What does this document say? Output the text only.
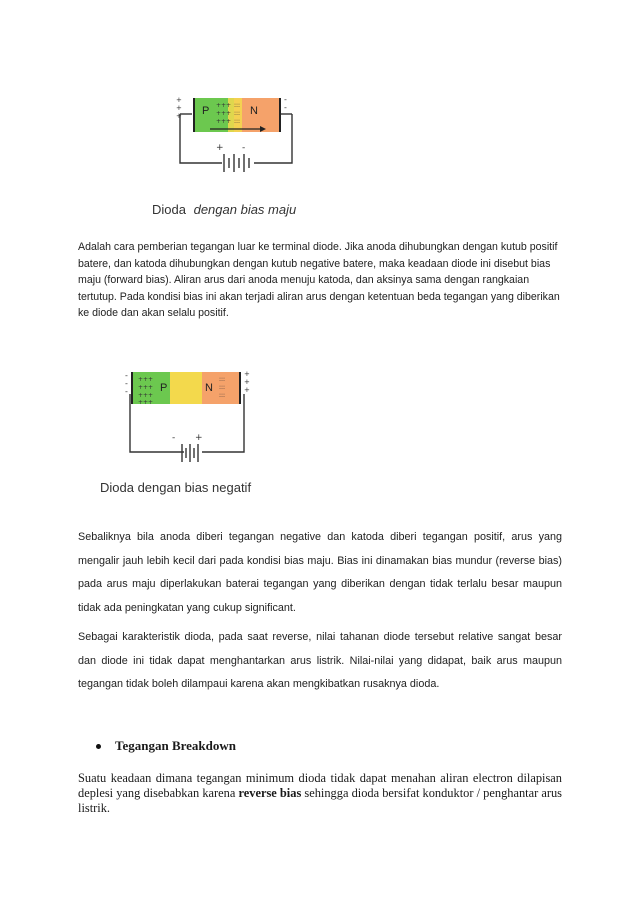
+++
+++
+++
:::
:::
:::
P	N
+
+
+
-
-
+ -
Dioda dengan bias maju
Adalah cara pemberian tegangan luar ke terminal diode. Jika anoda dihubungkan dengan kutub positif batere, dan katoda dihubungkan dengan kutub negative batere, maka keadaan diode ini disebut bias maju (forward bias). Aliran arus dari anoda menuju katoda, dan aksinya sama dengan rangkaian tertutup. Pada kondisi bias ini akan terjadi aliran arus dengan ketentuan beda tegangan yang diberikan ke diode dan akan selalu positif.
+++
+++
+++
+++
:::
:::
:::
P	N
-
-
-
+
+
+
- +
Dioda dengan bias negatif
Sebaliknya bila anoda diberi tegangan negative dan katoda diberi tegangan positif, arus yang mengalir jauh lebih kecil dari pada kondisi bias maju. Bias ini dinamakan bias mundur (reverse bias) pada arus maju diperlakukan baterai tegangan yang diberikan dengan tidak terlalu besar maupun tidak ada peningkatan yang cukup significant.
Sebagai karakteristik dioda, pada saat reverse, nilai tahanan diode tersebut relative sangat besar dan diode ini tidak dapat menghantarkan arus listrik. Nilai-nilai yang didapat, baik arus maupun tegangan tidak boleh dilampaui karena akan mengkibatkan rusaknya dioda.
Tegangan Breakdown
Suatu keadaan dimana tegangan minimum dioda tidak dapat menahan aliran electron dilapisan deplesi yang disebabkan karena reverse bias sehingga dioda bersifat konduktor / penghantar arus listrik.
